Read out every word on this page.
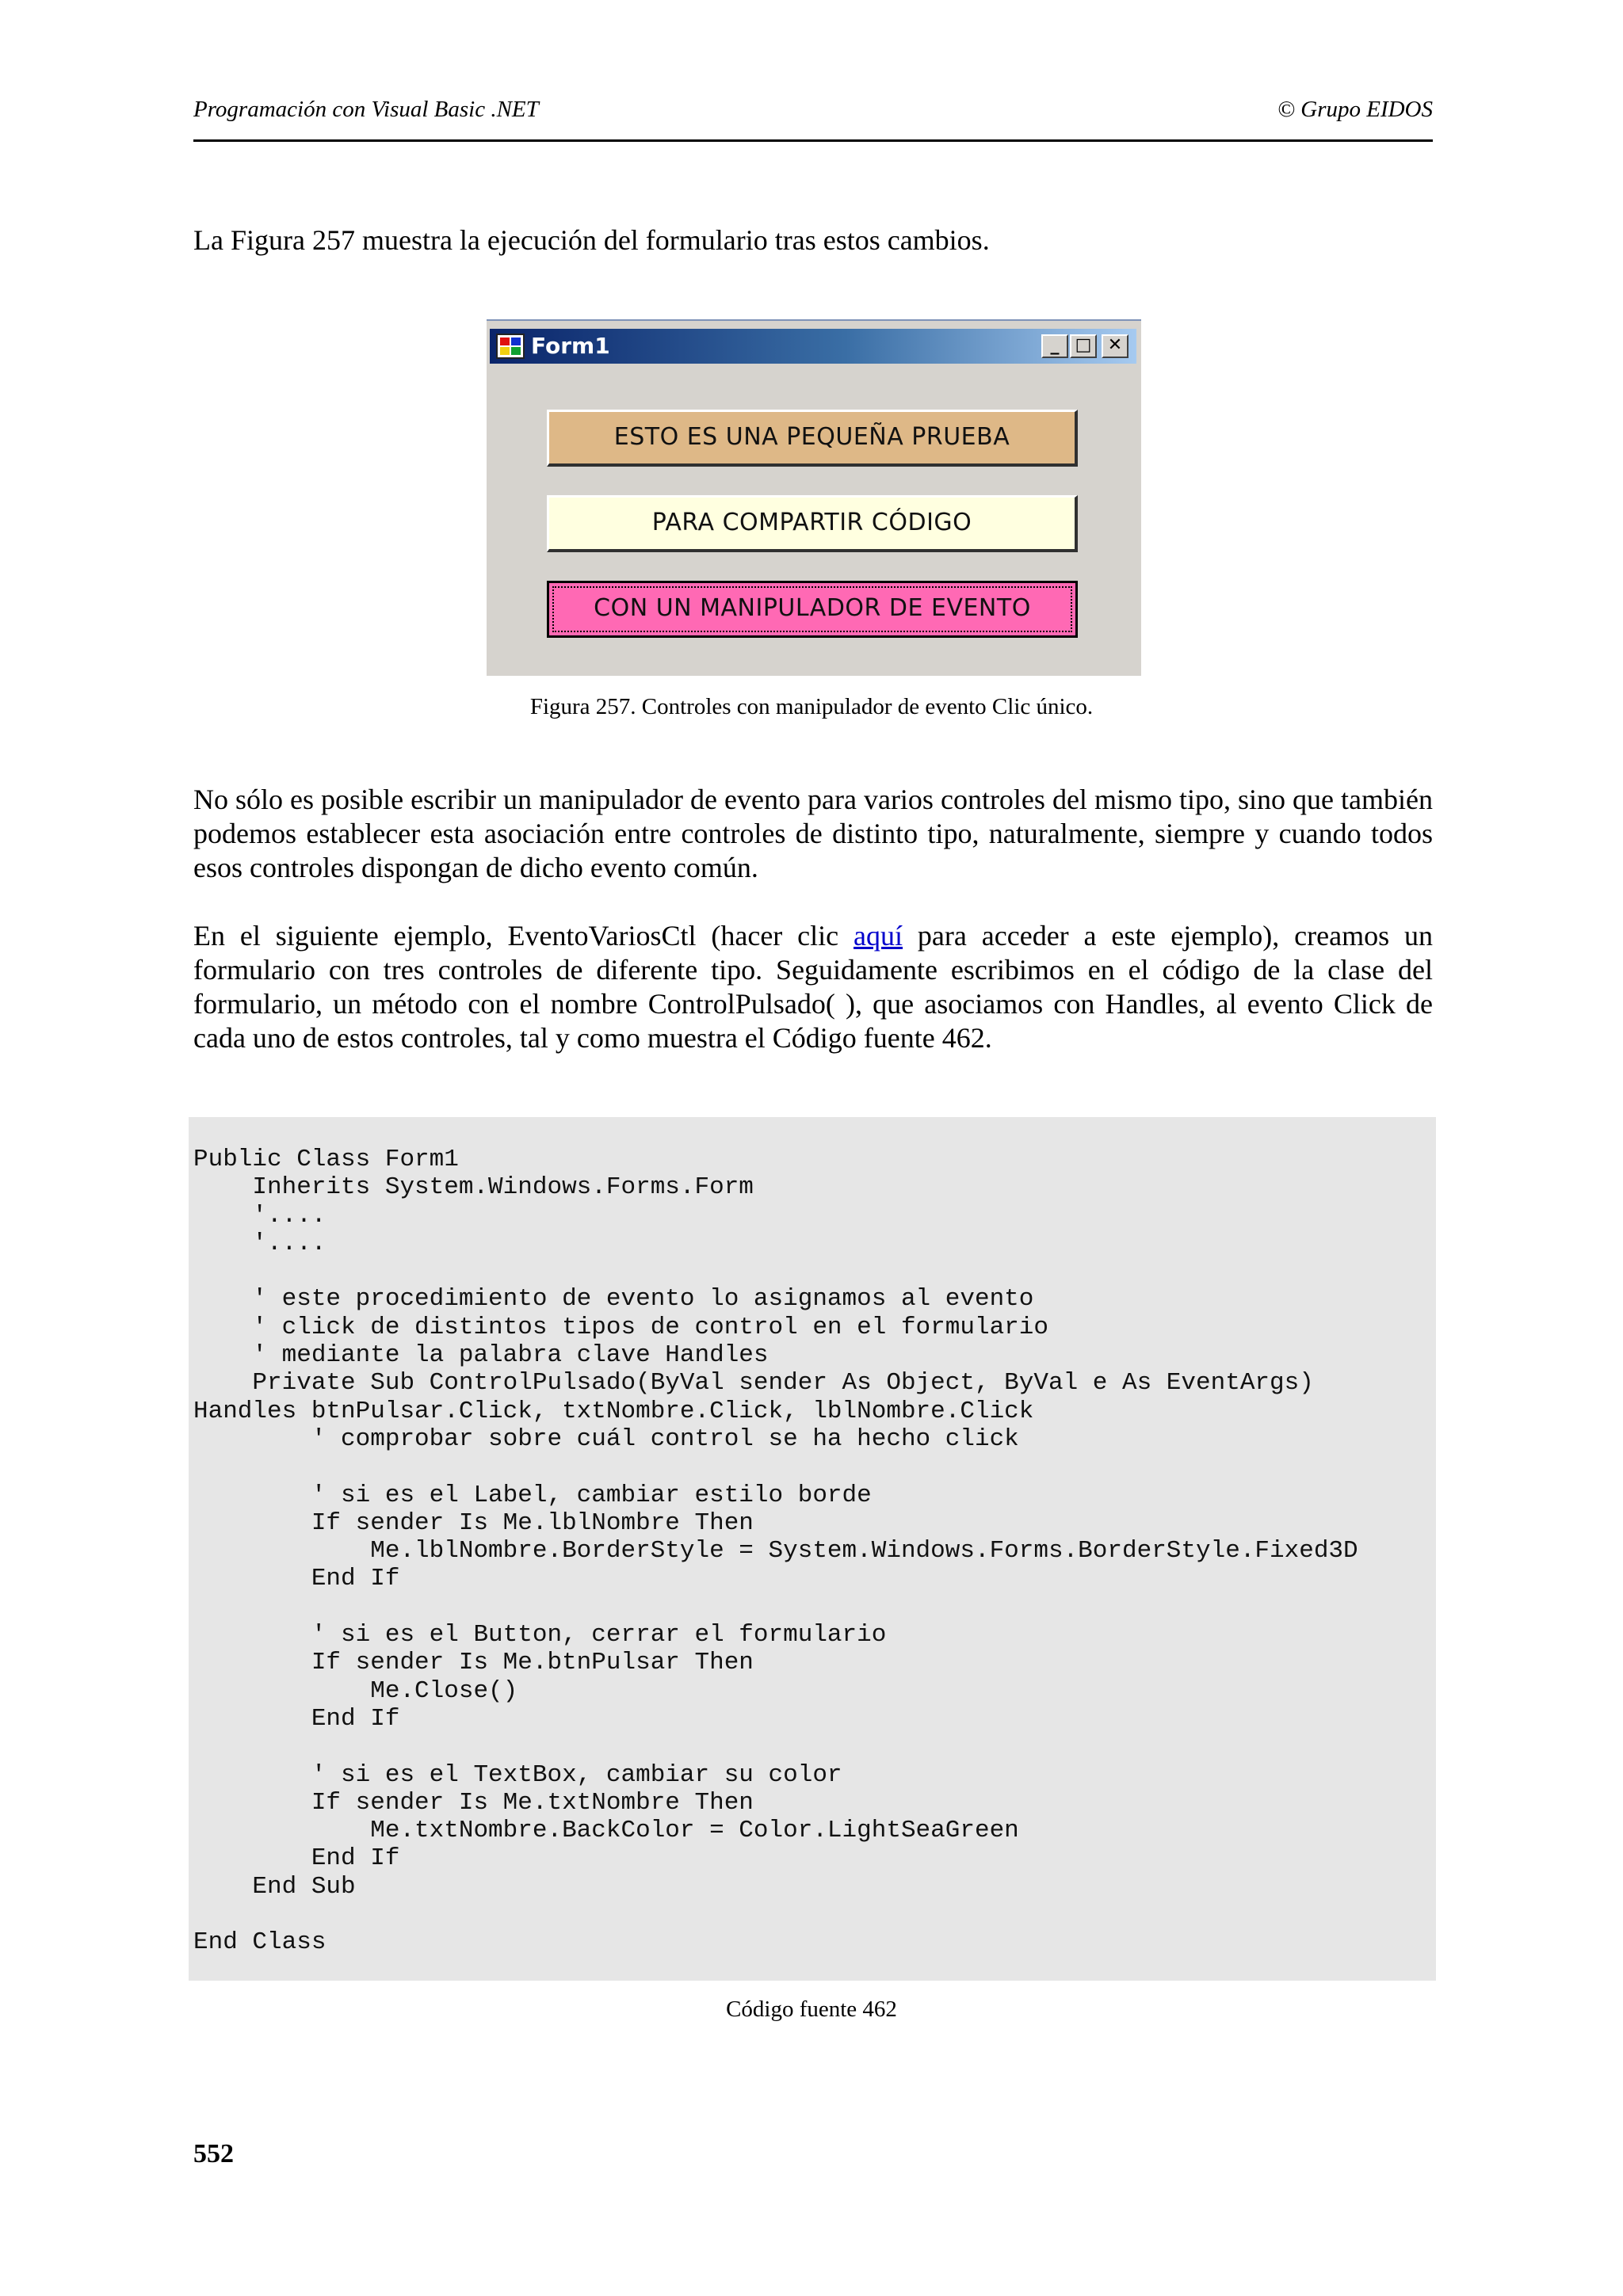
Programación con Visual Basic .NET	© Grupo EIDOS
La Figura 257 muestra la ejecución del formulario tras estos cambios.
Form1	_ □ ✕
ESTO ES UNA PEQUEÑA PRUEBA
PARA COMPARTIR CÓDIGO
CON UN MANIPULADOR DE EVENTO
Figura 257. Controles con manipulador de evento Clic único.
No sólo es posible escribir un manipulador de evento para varios controles del mismo tipo, sino que también podemos establecer esta asociación entre controles de distinto tipo, naturalmente, siempre y cuando todos esos controles dispongan de dicho evento común.
En el siguiente ejemplo, EventoVariosCtl (hacer clic aquí para acceder a este ejemplo), creamos un formulario con tres controles de diferente tipo. Seguidamente escribimos en el código de la clase del formulario, un método con el nombre ControlPulsado( ), que asociamos con Handles, al evento Click de cada uno de estos controles, tal y como muestra el Código fuente 462.
Public Class Form1
Inherits System.Windows.Forms.Form
'....
'....

' este procedimiento de evento lo asignamos al evento
' click de distintos tipos de control en el formulario
' mediante la palabra clave Handles
Private Sub ControlPulsado(ByVal sender As Object, ByVal e As EventArgs)
Handles btnPulsar.Click, txtNombre.Click, lblNombre.Click
' comprobar sobre cuál control se ha hecho click

' si es el Label, cambiar estilo borde
If sender Is Me.lblNombre Then
Me.lblNombre.BorderStyle = System.Windows.Forms.BorderStyle.Fixed3D
End If

' si es el Button, cerrar el formulario
If sender Is Me.btnPulsar Then
Me.Close()
End If

' si es el TextBox, cambiar su color
If sender Is Me.txtNombre Then
Me.txtNombre.BackColor = Color.LightSeaGreen
End If
End Sub

End Class
Código fuente 462
552
